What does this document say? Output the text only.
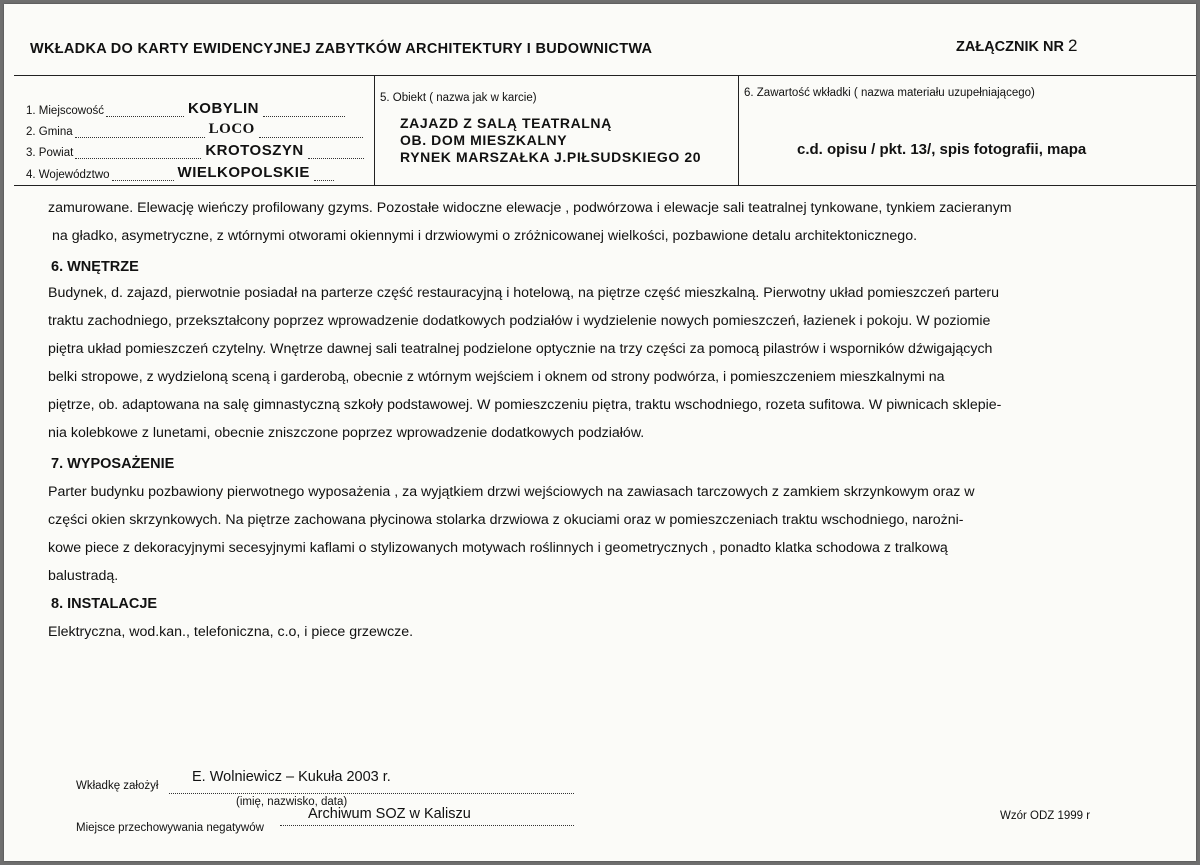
WKŁADKA DO KARTY EWIDENCYJNEJ ZABYTKÓW ARCHITEKTURY I BUDOWNICTWA	ZAŁĄCZNIK NR 2
1. Miejscowość	KOBYLIN
2. Gmina	LOCO
3. Powiat	KROTOSZYN
4. Województwo	WIELKOPOLSKIE
5. Obiekt ( nazwa jak w karcie)
ZAJAZD Z SALĄ TEATRALNĄ
OB. DOM MIESZKALNY
RYNEK MARSZAŁKA J.PIŁSUDSKIEGO 20
6. Zawartość wkładki ( nazwa materiału uzupełniającego)
c.d. opisu / pkt. 13/, spis fotografii, mapa
zamurowane. Elewację wieńczy profilowany gzyms. Pozostałe widoczne elewacje , podwórzowa i elewacje sali teatralnej tynkowane, tynkiem zacieranym
na gładko, asymetryczne, z wtórnymi otworami okiennymi i drzwiowymi o zróżnicowanej wielkości, pozbawione detalu architektonicznego.
6. WNĘTRZE
Budynek, d. zajazd, pierwotnie posiadał na parterze część restauracyjną i hotelową, na piętrze część mieszkalną. Pierwotny układ pomieszczeń parteru
traktu zachodniego, przekształcony poprzez wprowadzenie dodatkowych podziałów i wydzielenie nowych pomieszczeń, łazienek i pokoju. W poziomie
piętra układ pomieszczeń czytelny. Wnętrze dawnej sali teatralnej podzielone optycznie na trzy części za pomocą pilastrów i wsporników dźwigających
belki stropowe, z wydzieloną sceną i garderobą, obecnie z wtórnym wejściem i oknem od strony podwórza, i pomieszczeniem mieszkalnymi na
piętrze, ob. adaptowana na salę gimnastyczną szkoły podstawowej. W pomieszczeniu piętra, traktu wschodniego, rozeta sufitowa. W piwnicach sklepie-
nia kolebkowe z lunetami, obecnie zniszczone poprzez wprowadzenie dodatkowych podziałów.
7. WYPOSAŻENIE
Parter budynku pozbawiony pierwotnego wyposażenia , za wyjątkiem drzwi wejściowych na zawiasach tarczowych z zamkiem skrzynkowym oraz w
części okien skrzynkowych. Na piętrze zachowana płycinowa stolarka drzwiowa z okuciami oraz w pomieszczeniach traktu wschodniego, narożni-
kowe piece z dekoracyjnymi secesyjnymi kaflami o stylizowanych motywach roślinnych i geometrycznych , ponadto klatka schodowa z tralkową
balustradą.
8. INSTALACJE
Elektryczna, wod.kan., telefoniczna, c.o, i piece grzewcze.
Wkładkę założył
E. Wolniewicz – Kukuła 2003 r.
(imię, nazwisko, data)
Miejsce przechowywania negatywów
Archiwum SOZ w Kaliszu	Wzór ODZ 1999 r
